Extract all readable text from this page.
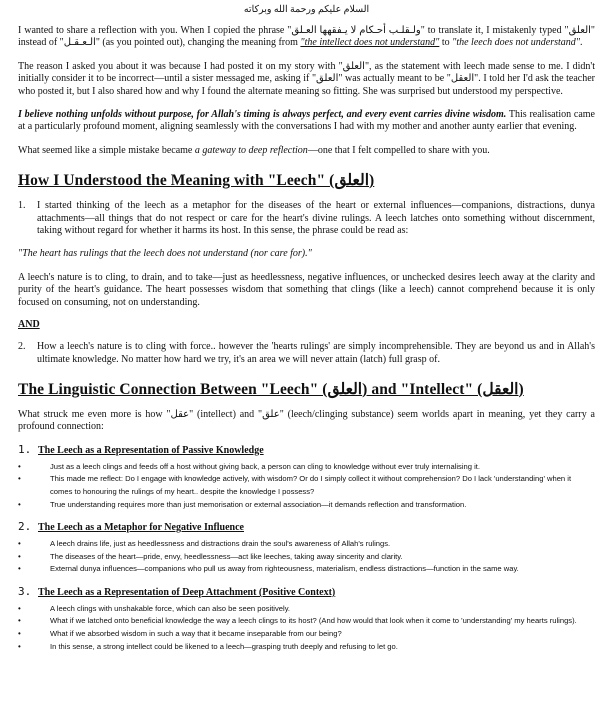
السلام عليكم ورحمة الله وبركاته

I wanted to share a reflection with you. When I copied the phrase "ولـقلـب أحـكام لا يـفقهها العـلق" to translate it, I mistakenly typed "العلق" instead of "الـعـقـل" (as you pointed out), changing the meaning from "the intellect does not understand" to "the leech does not understand".

The reason I asked you about it was because I had posted it on my story with "العلق", as the statement with leech made sense to me. I didn't initially consider it to be incorrect—until a sister messaged me, asking if "العلق" was actually meant to be "العقل". I told her I'd ask the teacher who posted it, but I also shared how and why I found the alternate meaning so fitting. She was surprised but understood my perspective.

I believe nothing unfolds without purpose, for Allah's timing is always perfect, and every event carries divine wisdom. This realisation came at a particularly profound moment, aligning seamlessly with the conversations I had with my mother and another aunty earlier that evening.

What seemed like a simple mistake became a gateway to deep reflection—one that I felt compelled to share with you.

How I Understood the Meaning with "Leech" (العلق)
1.	I started thinking of the leech as a metaphor for the diseases of the heart or external influences—companions, distractions, dunya attachments—all things that do not respect or care for the heart's divine rulings. A leech latches onto something without discernment, taking without regard for whether it harms its host. In this sense, the phrase could be read as:

"The heart has rulings that the leech does not understand (nor care for)."

A leech's nature is to cling, to drain, and to take—just as heedlessness, negative influences, or unchecked desires leech away at the clarity and purity of the heart's guidance. The heart possesses wisdom that something that clings (like a leech) cannot comprehend because it is only focused on consuming, not on understanding.

AND

2.	How a leech's nature is to cling with force.. however the 'hearts rulings' are simply incomprehensible. They are beyond us and in Allah's ultimate knowledge. No matter how hard we try, it's an area we will never attain (latch) full grasp of.
The Linguistic Connection Between "Leech" (العلق) and "Intellect" (العقل)

What struck me even more is how "عقل" (intellect) and "علق" (leech/clinging substance) seem worlds apart in meaning, yet they carry a profound connection:

1. The Leech as a Representation of Passive Knowledge
•	Just as a leech clings and feeds off a host without giving back, a person can cling to knowledge without ever truly internalising it.
•	This made me reflect: Do I engage with knowledge actively, with wisdom? Or do I simply collect it without comprehension? Do I lack 'understanding' when it comes to honouring the rulings of my heart.. despite the knowledge I possess?
•	True understanding requires more than just memorisation or external association—it demands reflection and transformation.
2. The Leech as a Metaphor for Negative Influence
•	A leech drains life, just as heedlessness and distractions drain the soul's awareness of Allah's rulings.
•	The diseases of the heart—pride, envy, heedlessness—act like leeches, taking away sincerity and clarity.
•	External dunya influences—companions who pull us away from righteousness, materialism, endless distractions—function in the same way.
3. The Leech as a Representation of Deep Attachment (Positive Context)
•	A leech clings with unshakable force, which can also be seen positively.
•	What if we latched onto beneficial knowledge the way a leech clings to its host? (And how would that look when it come to 'understanding' my hearts rulings).
•	What if we absorbed wisdom in such a way that it became inseparable from our being?
•	In this sense, a strong intellect could be likened to a leech—grasping truth deeply and refusing to let go.
